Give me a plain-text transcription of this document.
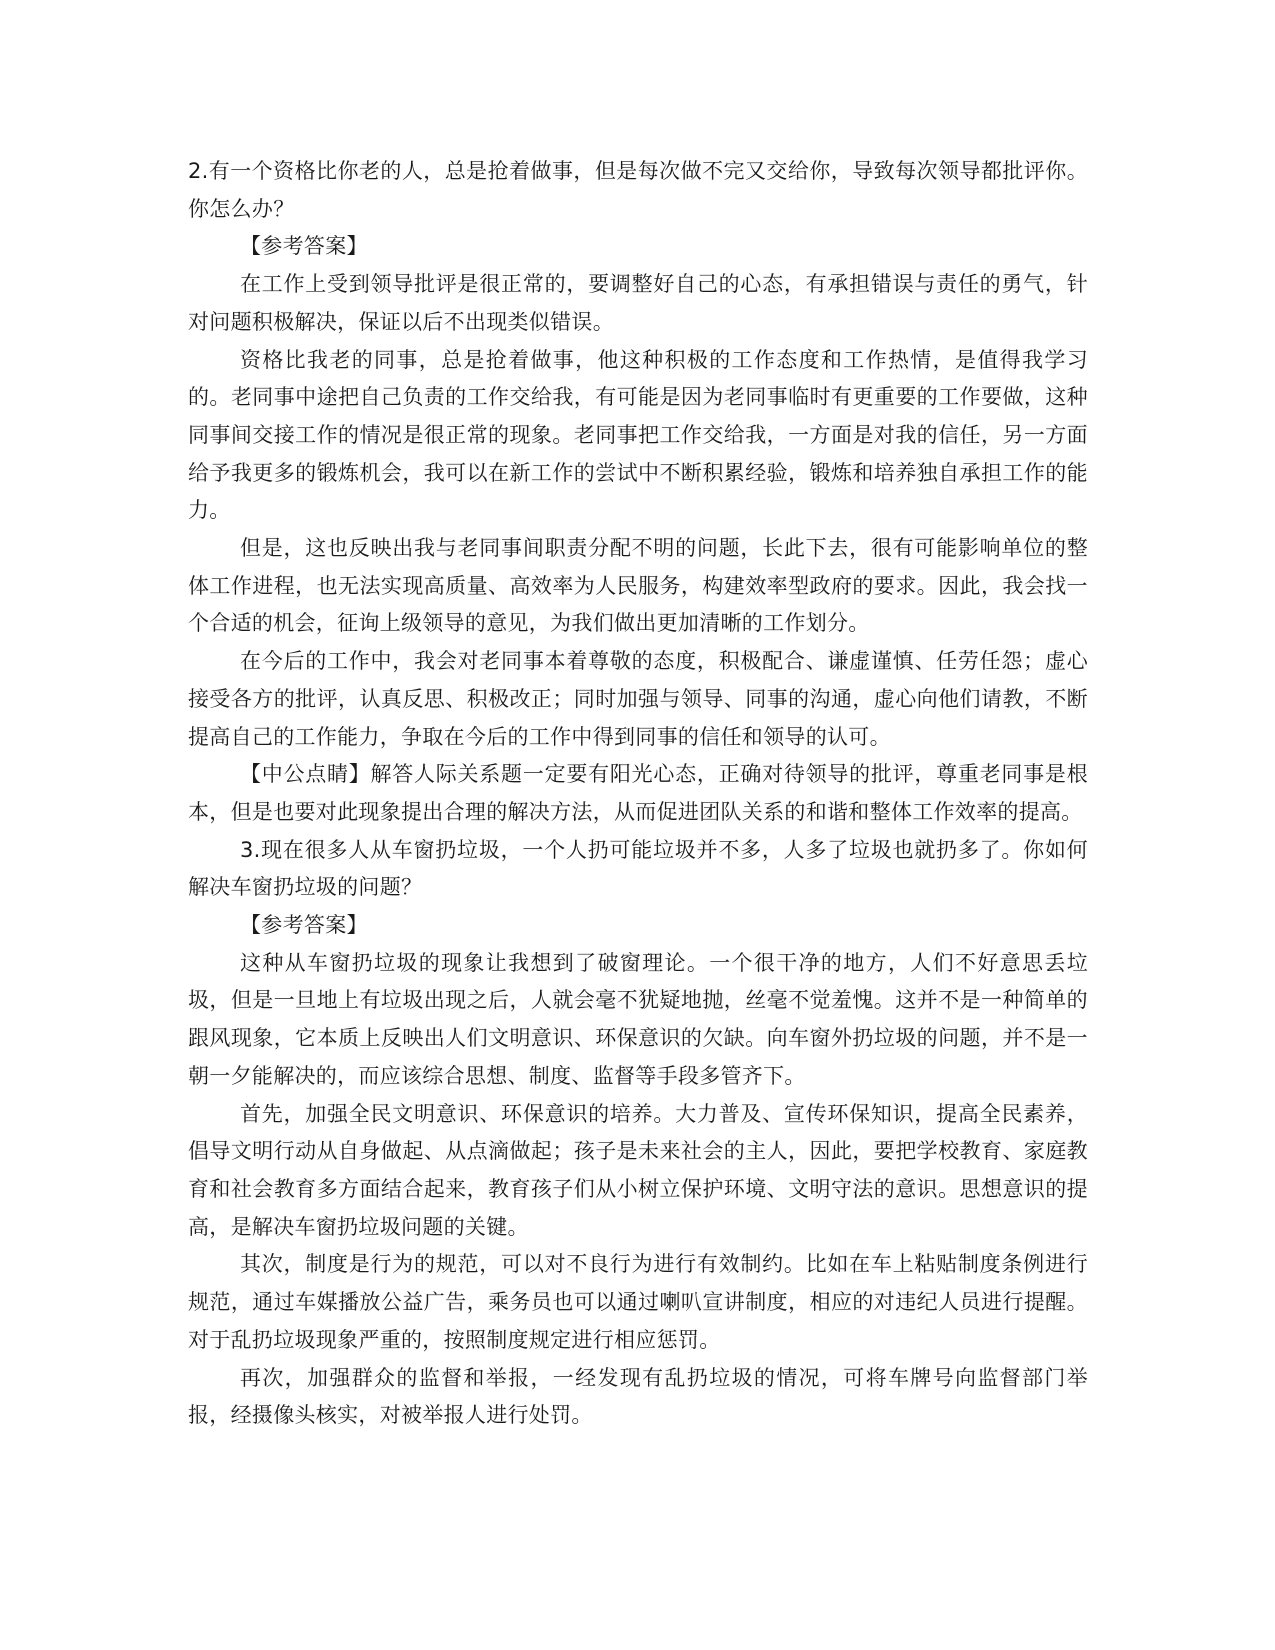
2.有一个资格比你老的人，总是抢着做事，但是每次做不完又交给你，导致每次领导都批评你。你怎么办？

【参考答案】

在工作上受到领导批评是很正常的，要调整好自己的心态，有承担错误与责任的勇气，针对问题积极解决，保证以后不出现类似错误。

资格比我老的同事，总是抢着做事，他这种积极的工作态度和工作热情，是值得我学习的。老同事中途把自己负责的工作交给我，有可能是因为老同事临时有更重要的工作要做，这种同事间交接工作的情况是很正常的现象。老同事把工作交给我，一方面是对我的信任，另一方面给予我更多的锻炼机会，我可以在新工作的尝试中不断积累经验，锻炼和培养独自承担工作的能力。

但是，这也反映出我与老同事间职责分配不明的问题，长此下去，很有可能影响单位的整体工作进程，也无法实现高质量、高效率为人民服务，构建效率型政府的要求。因此，我会找一个合适的机会，征询上级领导的意见，为我们做出更加清晰的工作划分。

在今后的工作中，我会对老同事本着尊敬的态度，积极配合、谦虚谨慎、任劳任怨；虚心接受各方的批评，认真反思、积极改正；同时加强与领导、同事的沟通，虚心向他们请教，不断提高自己的工作能力，争取在今后的工作中得到同事的信任和领导的认可。

【中公点睛】解答人际关系题一定要有阳光心态，正确对待领导的批评，尊重老同事是根本，但是也要对此现象提出合理的解决方法，从而促进团队关系的和谐和整体工作效率的提高。

3.现在很多人从车窗扔垃圾，一个人扔可能垃圾并不多，人多了垃圾也就扔多了。你如何解决车窗扔垃圾的问题？

【参考答案】

这种从车窗扔垃圾的现象让我想到了破窗理论。一个很干净的地方，人们不好意思丢垃圾，但是一旦地上有垃圾出现之后，人就会毫不犹疑地抛，丝毫不觉羞愧。这并不是一种简单的跟风现象，它本质上反映出人们文明意识、环保意识的欠缺。向车窗外扔垃圾的问题，并不是一朝一夕能解决的，而应该综合思想、制度、监督等手段多管齐下。

首先，加强全民文明意识、环保意识的培养。大力普及、宣传环保知识，提高全民素养，倡导文明行动从自身做起、从点滴做起；孩子是未来社会的主人，因此，要把学校教育、家庭教育和社会教育多方面结合起来，教育孩子们从小树立保护环境、文明守法的意识。思想意识的提高，是解决车窗扔垃圾问题的关键。

其次，制度是行为的规范，可以对不良行为进行有效制约。比如在车上粘贴制度条例进行规范，通过车媒播放公益广告，乘务员也可以通过喇叭宣讲制度，相应的对违纪人员进行提醒。对于乱扔垃圾现象严重的，按照制度规定进行相应惩罚。

再次，加强群众的监督和举报，一经发现有乱扔垃圾的情况，可将车牌号向监督部门举报，经摄像头核实，对被举报人进行处罚。
